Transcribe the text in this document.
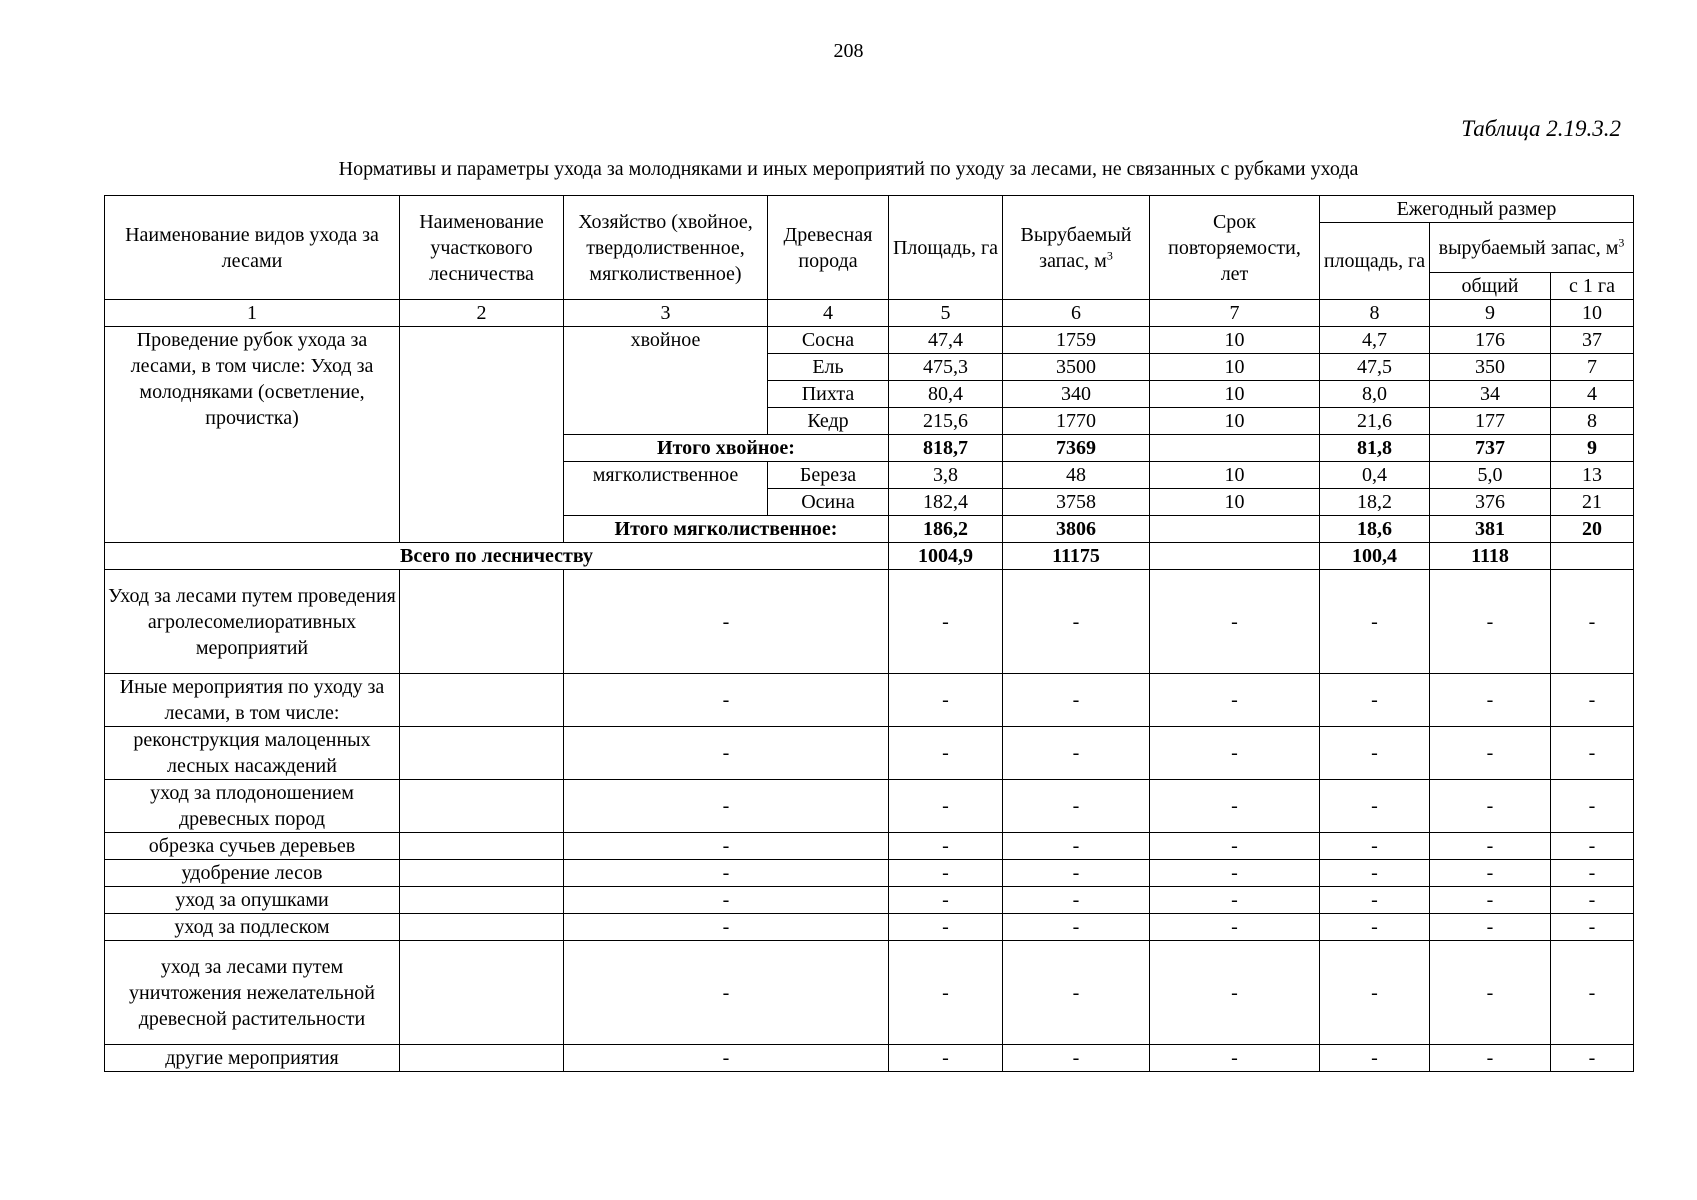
208
Таблица 2.19.3.2
Нормативы и параметры ухода за молодняками и иных мероприятий по уходу за лесами, не связанных с рубками ухода
Наименование видов ухода за лесами	Наименование участкового лесничества	Хозяйство (хвойное, твердолиственное, мягколиственное)	Древесная порода	Площадь, га	Вырубаемый запас, $м^3$	Срок повторяемости, лет	Ежегодный размер		
							площадь, га	вырубаемый запас, $м^3$
								общий	с 1 га
1	2	3	4	5	6	7	8	9	10
Проведение рубок ухода за лесами, в том числе: Уход за молодняками (осветление, прочистка)		хвойное	Сосна	47,4	1759	10	4,7	176	37
			Ель	475,3	3500	10	47,5	350	7
			Пихта	80,4	340	10	8,0	34	4
			Кедр	215,6	1770	10	21,6	177	8
		Итого хвойное:		818,7	7369		81,8	737	9
		мягколиственное	Береза	3,8	48	10	0,4	5,0	13
			Осина	182,4	3758	10	18,2	376	21
		Итого мягколиственное:		186,2	3806		18,6	381	20
Всего по лесничеству				1004,9	11175		100,4	1118	
Уход за лесами путем проведения агролесомелиоративных мероприятий		-		-	-	-	-	-	-
Иные мероприятия по уходу за лесами, в том числе:		-		-	-	-	-	-	-
реконструкция малоценных лесных насаждений		-		-	-	-	-	-	-
уход за плодоношением древесных пород		-		-	-	-	-	-	-
обрезка сучьев деревьев		-		-	-	-	-	-	-
удобрение лесов		-		-	-	-	-	-	-
уход за опушками		-		-	-	-	-	-	-
уход за подлеском		-		-	-	-	-	-	-
уход за лесами путем уничтожения нежелательной древесной растительности		-		-	-	-	-	-	-
другие мероприятия		-		-	-	-	-	-	-
